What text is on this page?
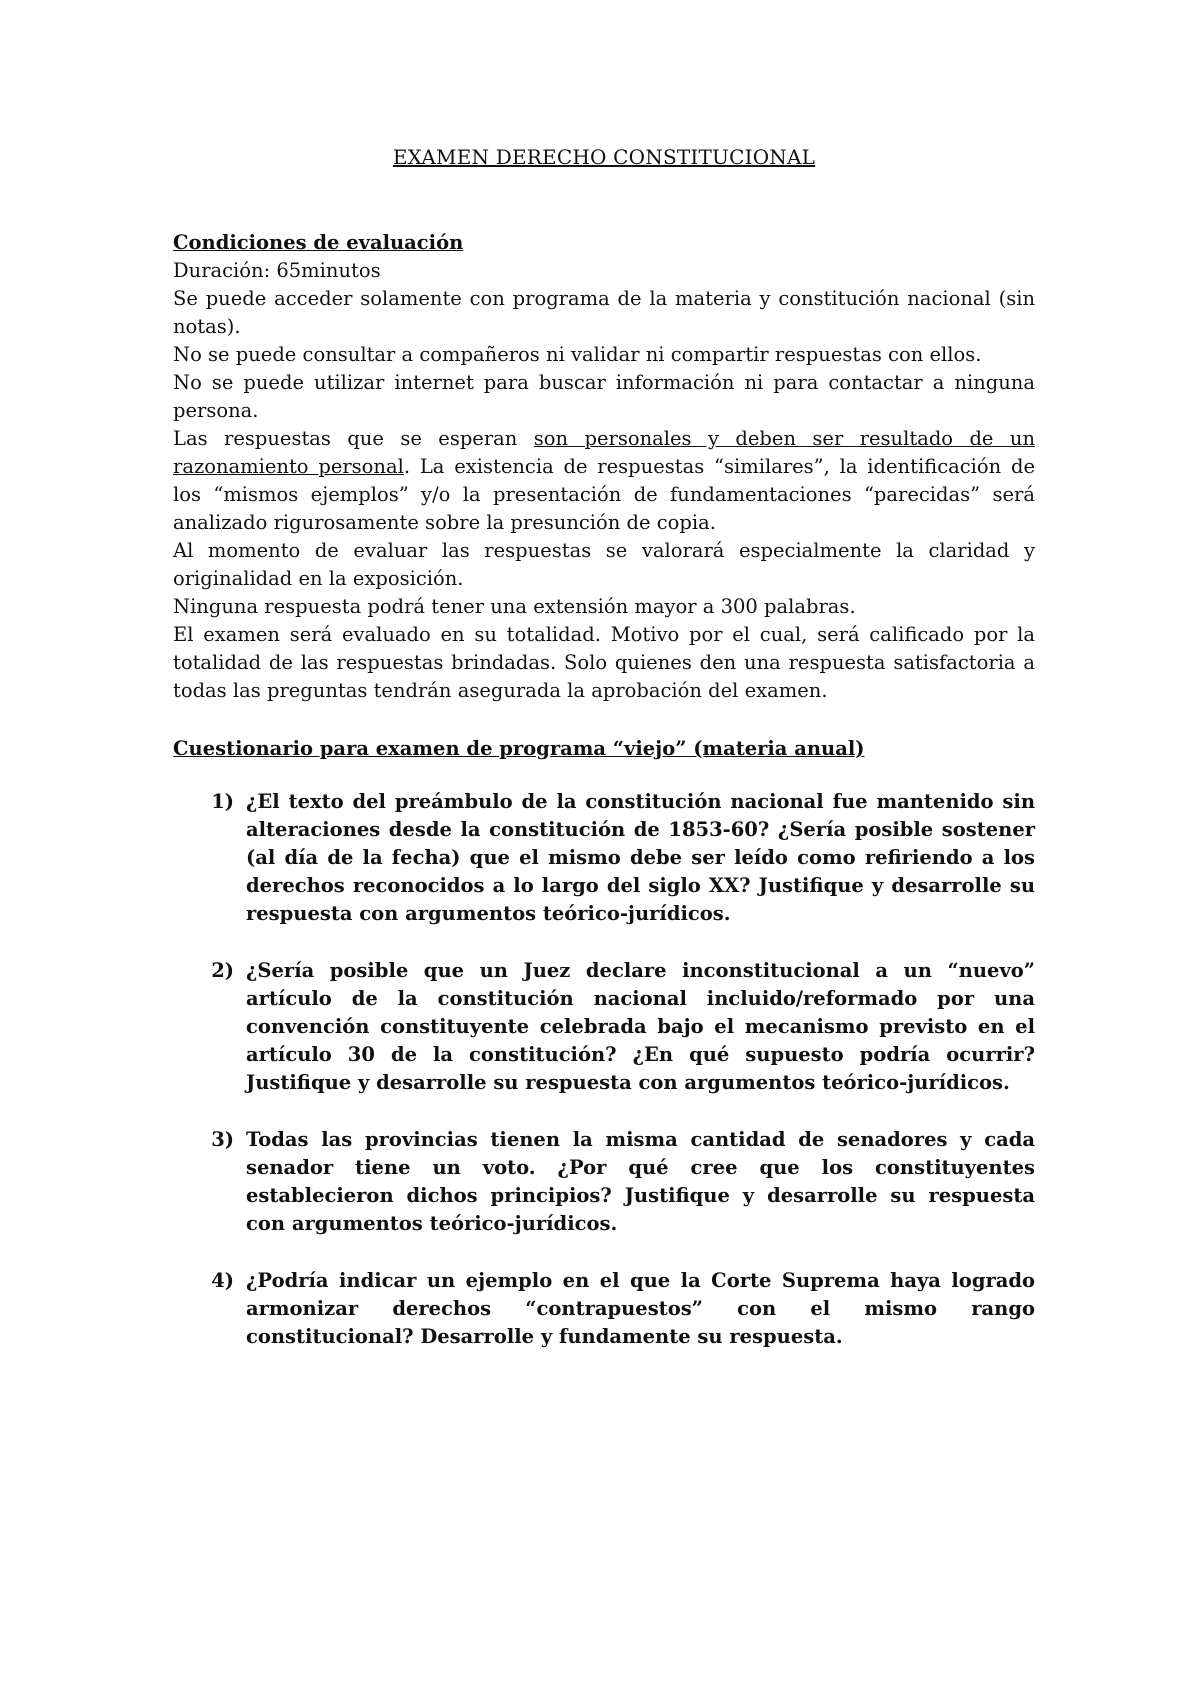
EXAMEN DERECHO CONSTITUCIONAL

Condiciones de evaluación

Duración: 65minutos

Se puede acceder solamente con programa de la materia y constitución nacional (sin notas).

No se puede consultar a compañeros ni validar ni compartir respuestas con ellos.

No se puede utilizar internet para buscar información ni para contactar a ninguna persona.

Las respuestas que se esperan son personales y deben ser resultado de un razonamiento personal. La existencia de respuestas “similares”, la identificación de los “mismos ejemplos” y/o la presentación de fundamentaciones “parecidas” será analizado rigurosamente sobre la presunción de copia.

Al momento de evaluar las respuestas se valorará especialmente la claridad y originalidad en la exposición.

Ninguna respuesta podrá tener una extensión mayor a 300 palabras.

El examen será evaluado en su totalidad. Motivo por el cual, será calificado por la totalidad de las respuestas brindadas. Solo quienes den una respuesta satisfactoria a todas las preguntas tendrán asegurada la aprobación del examen.

Cuestionario para examen de programa “viejo” (materia anual)

1) ¿El texto del preámbulo de la constitución nacional fue mantenido sin alteraciones desde la constitución de 1853-60? ¿Sería posible sostener (al día de la fecha) que el mismo debe ser leído como refiriendo a los derechos reconocidos a lo largo del siglo XX? Justifique y desarrolle su respuesta con argumentos teórico-jurídicos.
2) ¿Sería posible que un Juez declare inconstitucional a un “nuevo” artículo de la constitución nacional incluido/reformado por una convención constituyente celebrada bajo el mecanismo previsto en el artículo 30 de la constitución? ¿En qué supuesto podría ocurrir? Justifique y desarrolle su respuesta con argumentos teórico-jurídicos.
3) Todas las provincias tienen la misma cantidad de senadores y cada senador tiene un voto. ¿Por qué cree que los constituyentes establecieron dichos principios? Justifique y desarrolle su respuesta con argumentos teórico-jurídicos.
4) ¿Podría indicar un ejemplo en el que la Corte Suprema haya logrado armonizar derechos “contrapuestos” con el mismo rango constitucional? Desarrolle y fundamente su respuesta.
